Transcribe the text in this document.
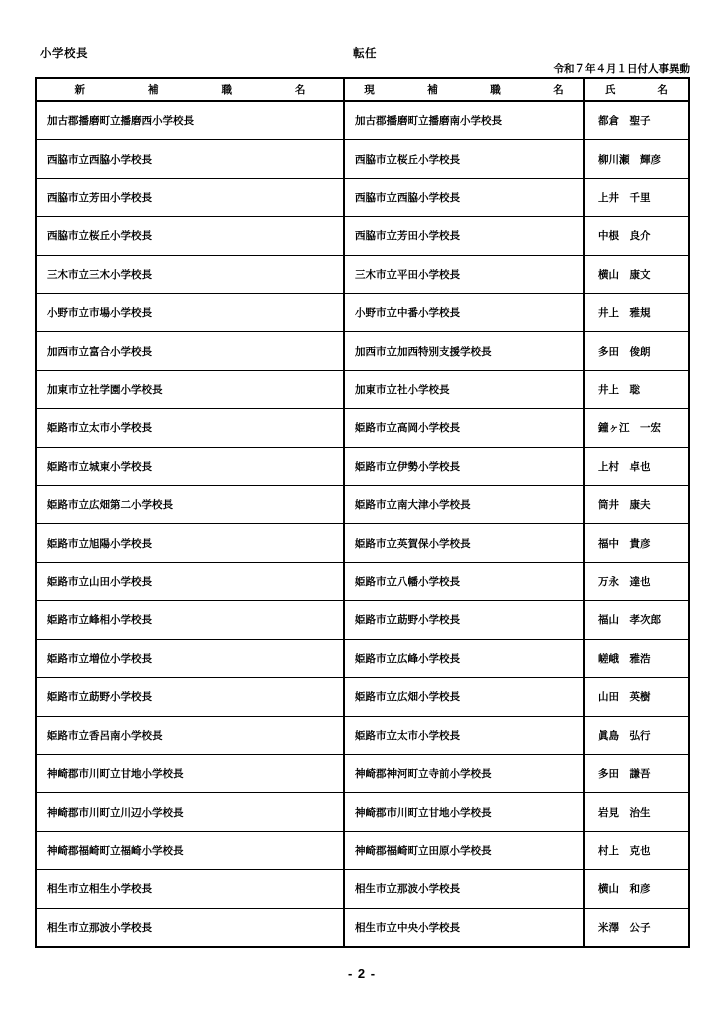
小学校長	転任
令和７年４月１日付人事異動
新　　　　　　補　　　　　　職　　　　　　名	現　　　　　補　　　　　職　　　　　名	氏　　　　名
加古郡播磨町立播磨西小学校長	加古郡播磨町立播磨南小学校長	都倉　聖子
西脇市立西脇小学校長	西脇市立桜丘小学校長	柳川瀬　輝彦
西脇市立芳田小学校長	西脇市立西脇小学校長	上井　千里
西脇市立桜丘小学校長	西脇市立芳田小学校長	中根　良介
三木市立三木小学校長	三木市立平田小学校長	横山　康文
小野市立市場小学校長	小野市立中番小学校長	井上　雅規
加西市立富合小学校長	加西市立加西特別支援学校長	多田　俊朗
加東市立社学園小学校長	加東市立社小学校長	井上　聡
姫路市立太市小学校長	姫路市立高岡小学校長	鐘ヶ江　一宏
姫路市立城東小学校長	姫路市立伊勢小学校長	上村　卓也
姫路市立広畑第二小学校長	姫路市立南大津小学校長	筒井　康夫
姫路市立旭陽小学校長	姫路市立英賀保小学校長	福中　貴彦
姫路市立山田小学校長	姫路市立八幡小学校長	万永　達也
姫路市立峰相小学校長	姫路市立莇野小学校長	福山　孝次郎
姫路市立増位小学校長	姫路市立広峰小学校長	嵯峨　雅浩
姫路市立莇野小学校長	姫路市立広畑小学校長	山田　英樹
姫路市立香呂南小学校長	姫路市立太市小学校長	眞島　弘行
神崎郡市川町立甘地小学校長	神崎郡神河町立寺前小学校長	多田　謙吾
神崎郡市川町立川辺小学校長	神崎郡市川町立甘地小学校長	岩見　治生
神崎郡福崎町立福崎小学校長	神崎郡福崎町立田原小学校長	村上　克也
相生市立相生小学校長	相生市立那波小学校長	横山　和彦
相生市立那波小学校長	相生市立中央小学校長	米澤　公子
- 2 -
